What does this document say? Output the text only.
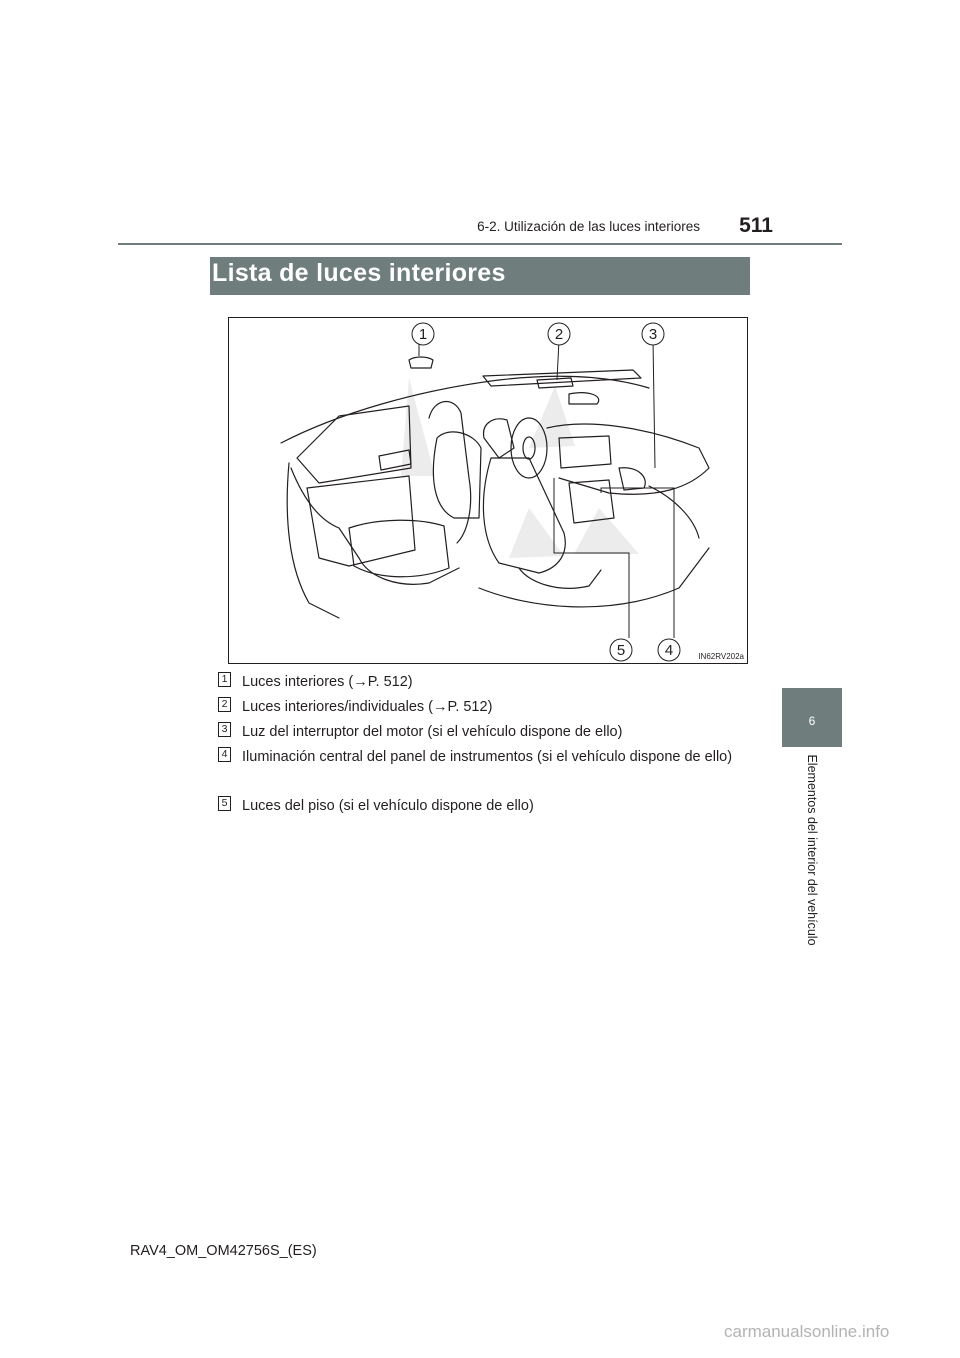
6-2. Utilización de las luces interiores	511
Lista de luces interiores
1	2	3
5	4	IN62RV202a
1 Luces interiores (→P. 512)
2 Luces interiores/individuales (→P. 512)
3 Luz del interruptor del motor (si el vehículo dispone de ello)
4 Iluminación central del panel de instrumentos (si el vehículo dispone de ello)
5 Luces del piso (si el vehículo dispone de ello)
6
Elementos del interior del vehículo
RAV4_OM_OM42756S_(ES)
carmanualsonline.info
